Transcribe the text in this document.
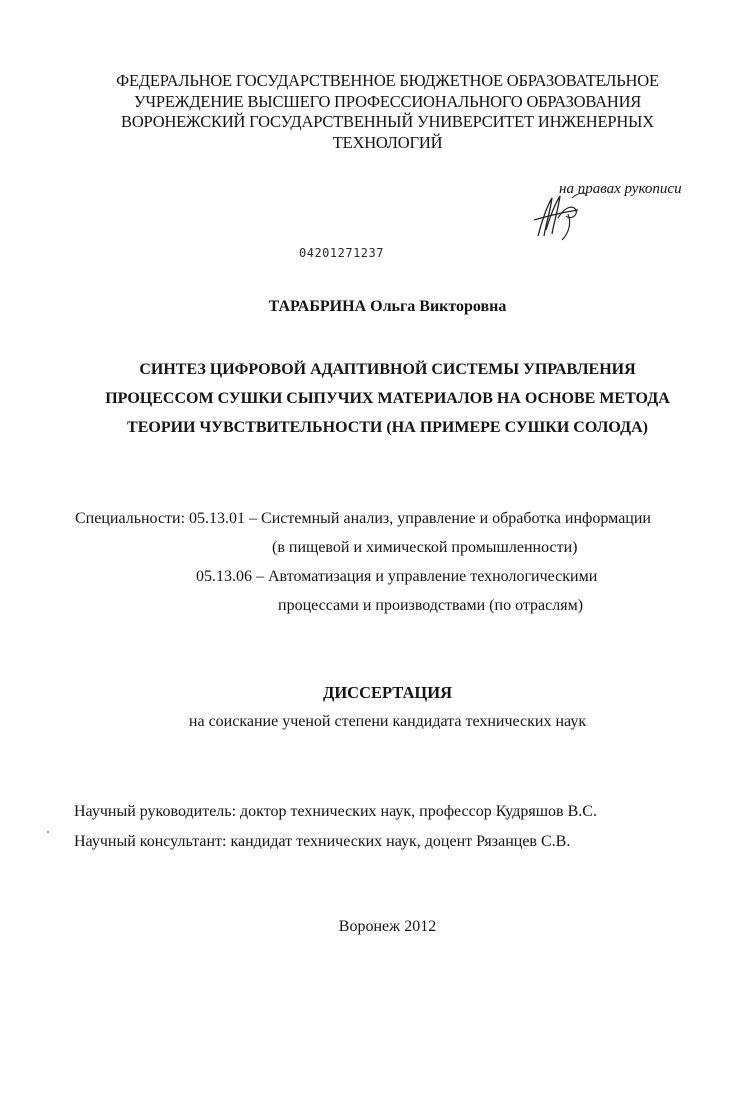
ФЕДЕРАЛЬНОЕ ГОСУДАРСТВЕННОЕ БЮДЖЕТНОЕ ОБРАЗОВАТЕЛЬНОЕ
УЧРЕЖДЕНИЕ ВЫСШЕГО ПРОФЕССИОНАЛЬНОГО ОБРАЗОВАНИЯ
ВОРОНЕЖСКИЙ ГОСУДАРСТВЕННЫЙ УНИВЕРСИТЕТ ИНЖЕНЕРНЫХ
ТЕХНОЛОГИЙ
на правах рукописи
04201271237
ТАРАБРИНА Ольга Викторовна
СИНТЕЗ ЦИФРОВОЙ АДАПТИВНОЙ СИСТЕМЫ УПРАВЛЕНИЯ
ПРОЦЕССОМ СУШКИ СЫПУЧИХ МАТЕРИАЛОВ НА ОСНОВЕ МЕТОДА
ТЕОРИИ ЧУВСТВИТЕЛЬНОСТИ (НА ПРИМЕРЕ СУШКИ СОЛОДА)
Специальности: 05.13.01 – Системный анализ, управление и обработка информации
(в пищевой и химической промышленности)
05.13.06 – Автоматизация и управление технологическими
процессами и производствами (по отраслям)
ДИССЕРТАЦИЯ
на соискание ученой степени кандидата технических наук
Научный руководитель: доктор технических наук, профессор Кудряшов В.С.
Научный консультант: кандидат технических наук, доцент Рязанцев С.В.
Воронеж 2012
